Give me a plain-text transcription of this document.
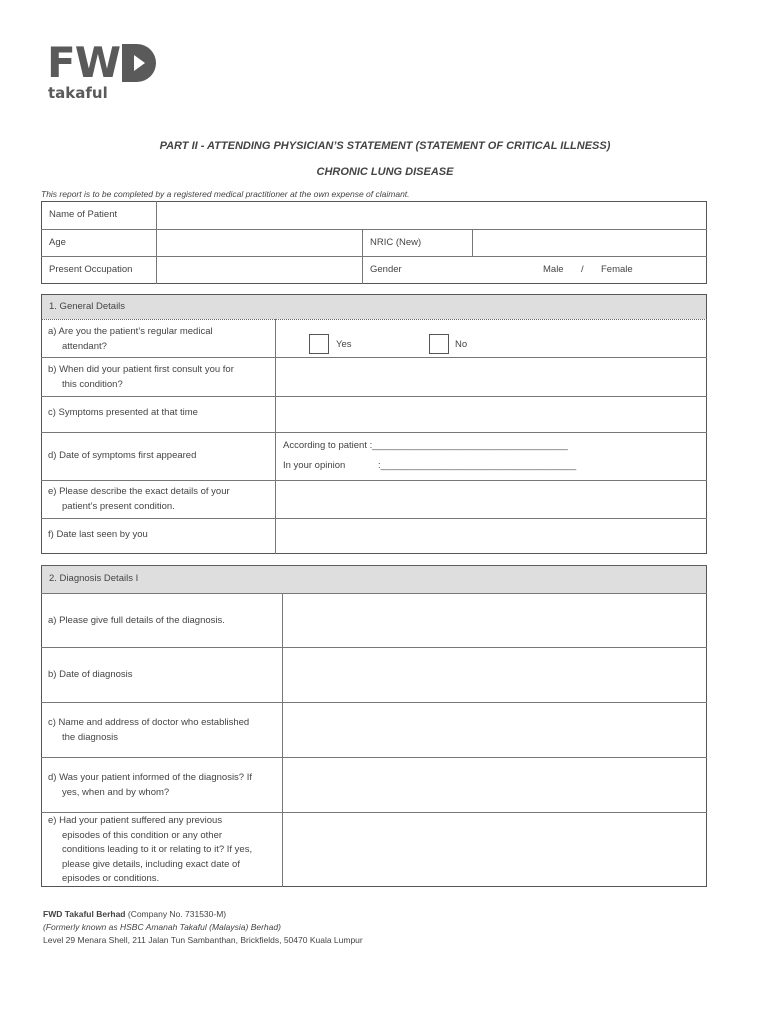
FW
takaful
PART II - ATTENDING PHYSICIAN’S STATEMENT (STATEMENT OF CRITICAL ILLNESS)
CHRONIC LUNG DISEASE
This report is to be completed by a registered medical practitioner at the own expense of claimant.
Name of Patient
Age	NRIC (New)
Present Occupation	Gender	Male / Female
1. General Details
a) Are you the patient’s regular medical
attendant?	Yes	No
b) When did your patient first consult you for
this condition?
c) Symptoms presented at that time
d) Date of symptoms first appeared
According to patient :_____________________________________
In your opinion	:_____________________________________
e) Please describe the exact details of your
patient’s present condition.
f) Date last seen by you
2. Diagnosis Details I
a) Please give full details of the diagnosis.
b) Date of diagnosis
c) Name and address of doctor who established
the diagnosis
d) Was your patient informed of the diagnosis? If
yes, when and by whom?
e) Had your patient suffered any previous
episodes of this condition or any other
conditions leading to it or relating to it? If yes,
please give details, including exact date of
episodes or conditions.
FWD Takaful Berhad (Company No. 731530-M)
(Formerly known as HSBC Amanah Takaful (Malaysia) Berhad)
Level 29 Menara Shell, 211 Jalan Tun Sambanthan, Brickfields, 50470 Kuala Lumpur
